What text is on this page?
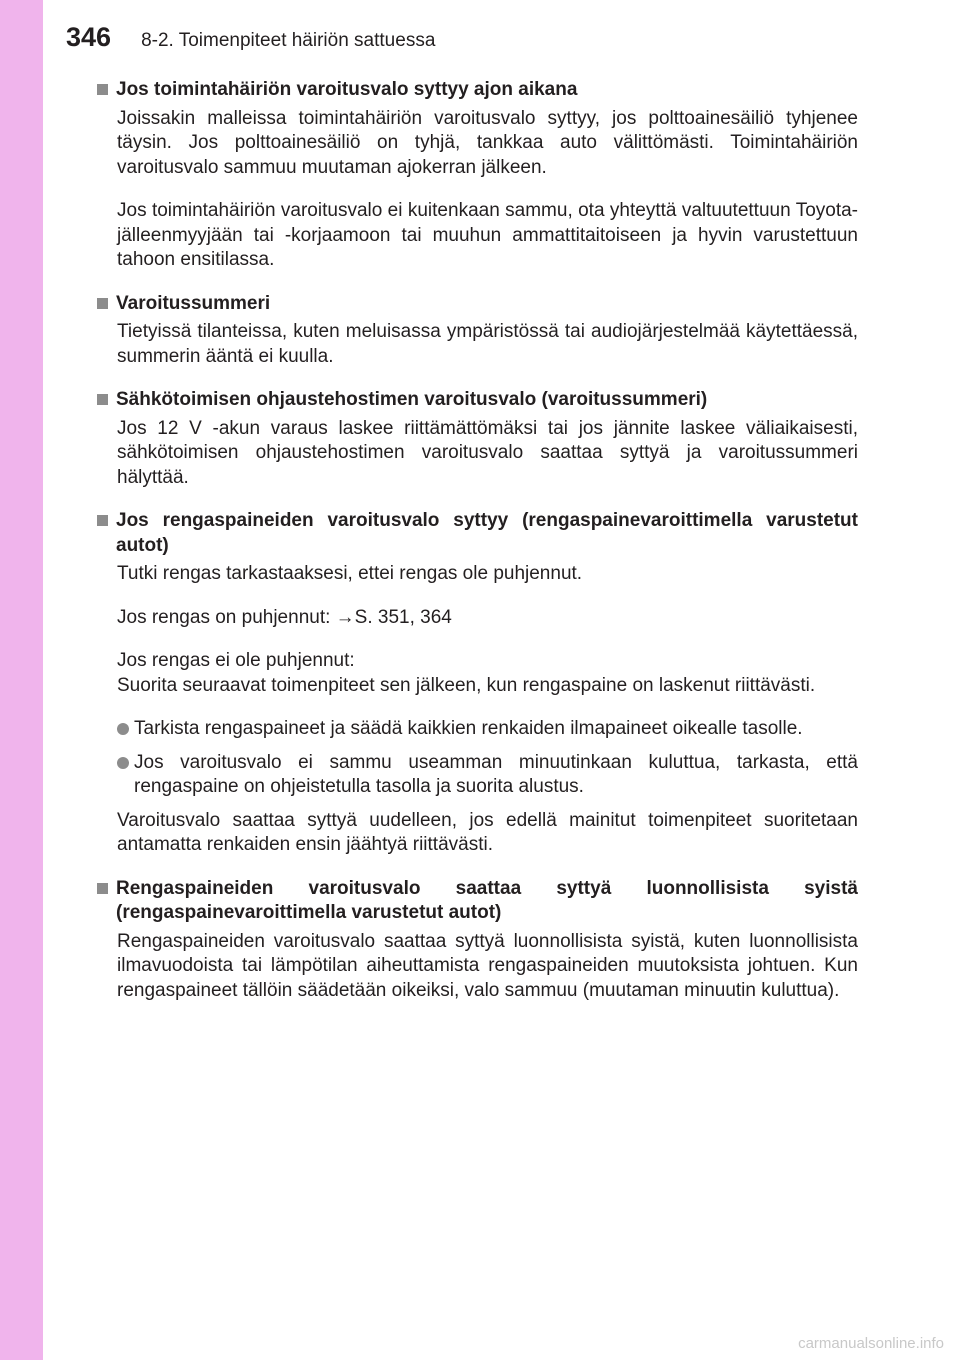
346 8-2. Toimenpiteet häiriön sattuessa
Jos toimintahäiriön varoitusvalo syttyy ajon aikana

Joissakin malleissa toimintahäiriön varoitusvalo syttyy, jos polttoainesäiliö tyhjenee täysin. Jos polttoainesäiliö on tyhjä, tankkaa auto välittömästi. Toimintahäiriön varoitusvalo sammuu muutaman ajokerran jälkeen.

Jos toimintahäiriön varoitusvalo ei kuitenkaan sammu, ota yhteyttä valtuutettuun Toyota-jälleenmyyjään tai -korjaamoon tai muuhun ammattitaitoiseen ja hyvin varustettuun tahoon ensitilassa.

Varoitussummeri

Tietyissä tilanteissa, kuten meluisassa ympäristössä tai audiojärjestelmää käytettäessä, summerin ääntä ei kuulla.

Sähkötoimisen ohjaustehostimen varoitusvalo (varoitussummeri)

Jos 12 V -akun varaus laskee riittämättömäksi tai jos jännite laskee väliaikaisesti, sähkötoimisen ohjaustehostimen varoitusvalo saattaa syttyä ja varoitussummeri hälyttää.

Jos rengaspaineiden varoitusvalo syttyy (rengaspainevaroittimella varustetut autot)

Tutki rengas tarkastaaksesi, ettei rengas ole puhjennut.

Jos rengas on puhjennut: →S. 351, 364

Jos rengas ei ole puhjennut:

Suorita seuraavat toimenpiteet sen jälkeen, kun rengaspaine on laskenut riittävästi.

Tarkista rengaspaineet ja säädä kaikkien renkaiden ilmapaineet oikealle tasolle.
Jos varoitusvalo ei sammu useamman minuutinkaan kuluttua, tarkasta, että rengaspaine on ohjeistetulla tasolla ja suorita alustus.

Varoitusvalo saattaa syttyä uudelleen, jos edellä mainitut toimenpiteet suoritetaan antamatta renkaiden ensin jäähtyä riittävästi.

Rengaspaineiden varoitusvalo saattaa syttyä luonnollisista syistä (rengaspainevaroittimella varustetut autot)

Rengaspaineiden varoitusvalo saattaa syttyä luonnollisista syistä, kuten luonnollisista ilmavuodoista tai lämpötilan aiheuttamista rengaspaineiden muutoksista johtuen. Kun rengaspaineet tällöin säädetään oikeiksi, valo sammuu (muutaman minuutin kuluttua).

carmanualsonline.info
